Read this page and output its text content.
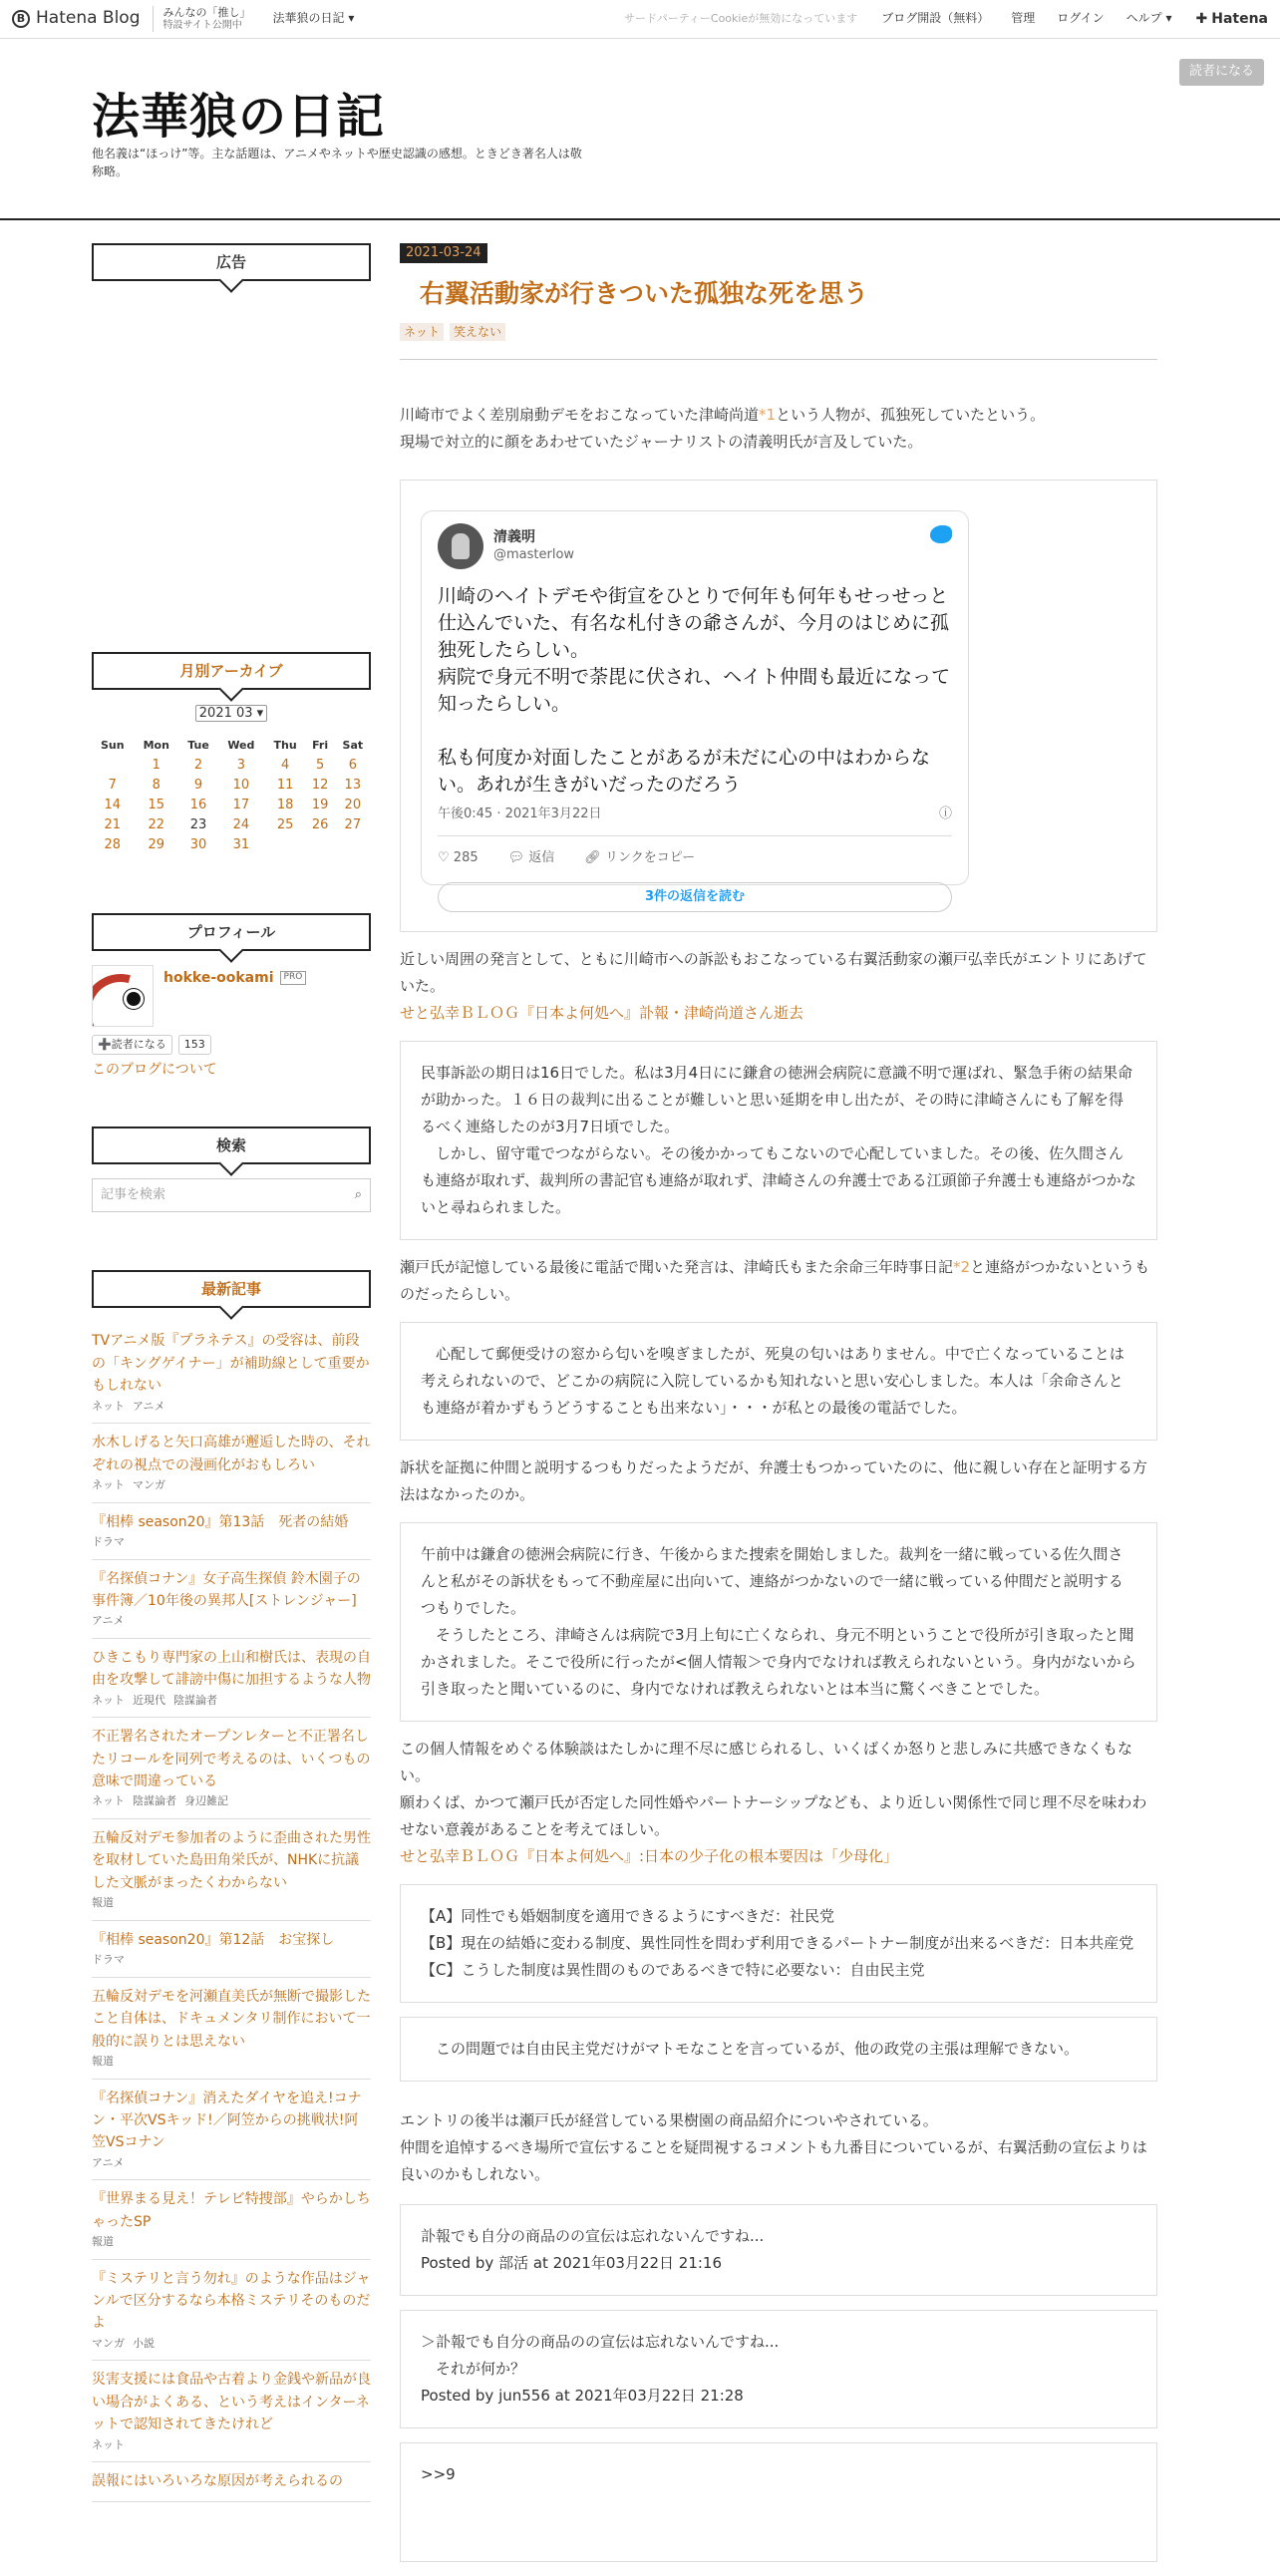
B Hatena Blog みんなの「推し」
特設サイト公開中	法華狼の日記 ▾	サードパーティーCookieが無効になっています ブログ開設（無料） 管理 ログイン ヘルプ ▾ ✚ Hatena
法華狼の日記
他名義は“ほっけ”等。主な話題は、アニメやネットや歴史認識の感想。ときどき著名人は敬称略。
読者になる
広告
月別アーカイブ
2021 03 ▾
Sun	Mon	Tue	Wed	Thu	Fri	Sat
	1	2	3	4	5	6
7	8	9	10	11	12	13
14	15	16	17	18	19	20
21	22	23	24	25	26	27
28	29	30	31			
プロフィール
hokke-ookami PRO
➕読者になる	153
このブログについて
検索
記事を検索	⌕
最新記事
TVアニメ版『プラネテス』の受容は、前段の「キングゲイナー」が補助線として重要かもしれない
ネット アニメ
水木しげると矢口高雄が邂逅した時の、それぞれの視点での漫画化がおもしろい
ネット マンガ
『相棒 season20』第13話　死者の結婚
ドラマ
『名探偵コナン』女子高生探偵 鈴木園子の事件簿／10年後の異邦人[ストレンジャー]
アニメ
ひきこもり専門家の上山和樹氏は、表現の自由を攻撃して誹謗中傷に加担するような人物
ネット 近現代 陰謀論者
不正署名されたオープンレターと不正署名したリコールを同列で考えるのは、いくつもの意味で間違っている
ネット 陰謀論者 身辺雑記
五輪反対デモ参加者のように歪曲された男性を取材していた島田角栄氏が、NHKに抗議した文脈がまったくわからない
報道
『相棒 season20』第12話　お宝探し
ドラマ
五輪反対デモを河瀬直美氏が無断で撮影したこと自体は、ドキュメンタリ制作において一般的に誤りとは思えない
報道
『名探偵コナン』消えたダイヤを追え!コナン・平次VSキッド!／阿笠からの挑戦状!阿笠VSコナン
アニメ
『世界まる見え！テレビ特捜部』やらかしちゃったSP
報道
『ミステリと言う勿れ』のような作品はジャンルで区分するなら本格ミステリそのものだよ
マンガ 小説
災害支援には食品や古着より金銭や新品が良い場合がよくある、という考えはインターネットで認知されてきたけれど
ネット
誤報にはいろいろな原因が考えられるの
2021-03-24
右翼活動家が行きついた孤独な死を思う
ネット	笑えない

川崎市でよく差別扇動デモをおこなっていた津崎尚道*1という人物が、孤独死していたという。
現場で対立的に顔をあわせていたジャーナリストの清義明氏が言及していた。

清義明
@masterlow
川崎のヘイトデモや街宣をひとりで何年も何年もせっせっと仕込んでいた、有名な札付きの爺さんが、今月のはじめに孤独死したらしい。
病院で身元不明で荼毘に伏され、ヘイト仲間も最近になって知ったらしい。

私も何度か対面したことがあるが未だに心の中はわからない。あれが生きがいだったのだろう
午後0:45 · 2021年3月22日	ⓘ
♡ 285 💬︎ 返信 🔗︎ リンクをコピー
3件の返信を読む

近しい周囲の発言として、ともに川崎市への訴訟もおこなっている右翼活動家の瀬戸弘幸氏がエントリにあげていた。

せと弘幸ＢＬＯＧ『日本よ何処へ』訃報・津崎尚道さん逝去

民事訴訟の期日は16日でした。私は3月4日にに鎌倉の徳洲会病院に意識不明で運ばれ、緊急手術の結果命が助かった。１６日の裁判に出ることが難しいと思い延期を申し出たが、その時に津崎さんにも了解を得るべく連絡したのが3月7日頃でした。
　しかし、留守電でつながらない。その後かかってもこないので心配していました。その後、佐久間さんも連絡が取れず、裁判所の書記官も連絡が取れず、津崎さんの弁護士である江頭節子弁護士も連絡がつかないと尋ねられました。

瀬戸氏が記憶している最後に電話で聞いた発言は、津崎氏もまた余命三年時事日記*2と連絡がつかないというものだったらしい。

　心配して郵便受けの窓から匂いを嗅ぎましたが、死臭の匂いはありません。中で亡くなっていることは考えられないので、どこかの病院に入院しているかも知れないと思い安心しました。本人は「余命さんとも連絡が着かずもうどうすることも出来ない」・・・が私との最後の電話でした。

訴状を証拠に仲間と説明するつもりだったようだが、弁護士もつかっていたのに、他に親しい存在と証明する方法はなかったのか。

午前中は鎌倉の徳洲会病院に行き、午後からまた捜索を開始しました。裁判を一緒に戦っている佐久間さんと私がその訴状をもって不動産屋に出向いて、連絡がつかないので一緒に戦っている仲間だと説明するつもりでした。
　そうしたところ、津崎さんは病院で3月上旬に亡くなられ、身元不明ということで役所が引き取ったと聞かされました。そこで役所に行ったが<個人情報＞で身内でなければ教えられないという。身内がないから引き取ったと聞いているのに、身内でなければ教えられないとは本当に驚くべきことでした。

この個人情報をめぐる体験談はたしかに理不尽に感じられるし、いくばくか怒りと悲しみに共感できなくもない。
願わくば、かつて瀬戸氏が否定した同性婚やパートナーシップなども、より近しい関係性で同じ理不尽を味わわせない意義があることを考えてほしい。

せと弘幸ＢＬＯＧ『日本よ何処へ』:日本の少子化の根本要因は「少母化」

【A】同性でも婚姻制度を適用できるようにすべきだ：社民党
【B】現在の結婚に変わる制度、異性同性を問わず利用できるパートナー制度が出来るべきだ：日本共産党
【C】こうした制度は異性間のものであるべきで特に必要ない：自由民主党
　この問題では自由民主党だけがマトモなことを言っているが、他の政党の主張は理解できない。

エントリの後半は瀬戸氏が経営している果樹園の商品紹介についやされている。
仲間を追悼するべき場所で宣伝することを疑問視するコメントも九番目についているが、右翼活動の宣伝よりは良いのかもしれない。

訃報でも自分の商品のの宣伝は忘れないんですね...
Posted by 部活 at 2021年03月22日 21:16
＞訃報でも自分の商品のの宣伝は忘れないんですね...
　それが何か？
Posted by jun556 at 2021年03月22日 21:28
>>9
